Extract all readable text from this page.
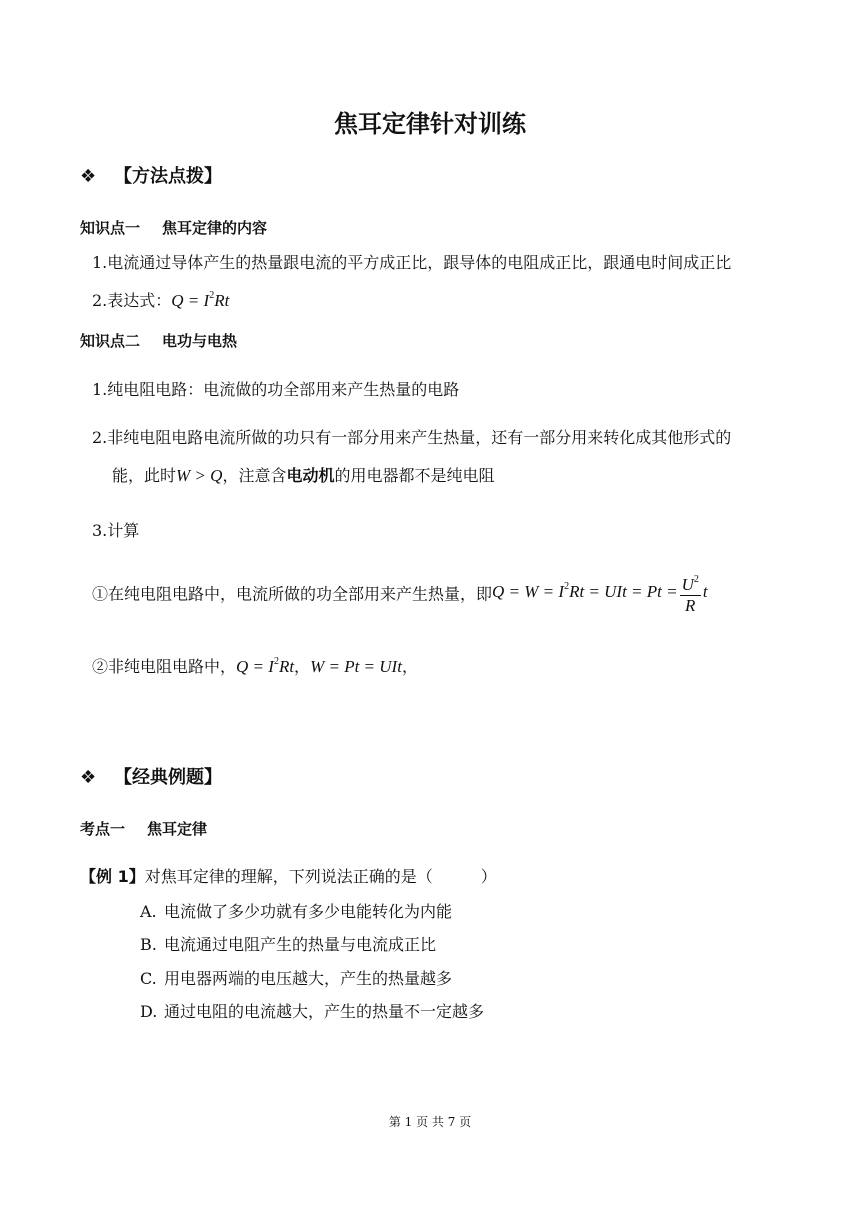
焦耳定律针对训练
❖ 【方法点拨】
知识点一 焦耳定律的内容
1.电流通过导体产生的热量跟电流的平方成正比，跟导体的电阻成正比，跟通电时间成正比
2.表达式：$Q = I^2Rt$
知识点二 电功与电热
1.纯电阻电路：电流做的功全部用来产生热量的电路
2.非纯电阻电路电流所做的功只有一部分用来产生热量，还有一部分用来转化成其他形式的
能，此时W > Q，注意含电动机的用电器都不是纯电阻
3.计算
①在纯电阻电路中，电流所做的功全部用来产生热量，即$Q = W = I^2Rt$ = UIt = $Pt = \frac{U^2}{R}$ t
②非纯电阻电路中，$Q = I^2Rt$，W = Pt = UIt，
❖ 【经典例题】
考点一 焦耳定律
【例 1】对焦耳定律的理解，下列说法正确的是（　　　）
A. 电流做了多少功就有多少电能转化为内能
B. 电流通过电阻产生的热量与电流成正比
C. 用电器两端的电压越大，产生的热量越多
D. 通过电阻的电流越大，产生的热量不一定越多
第 1 页 共 7 页
